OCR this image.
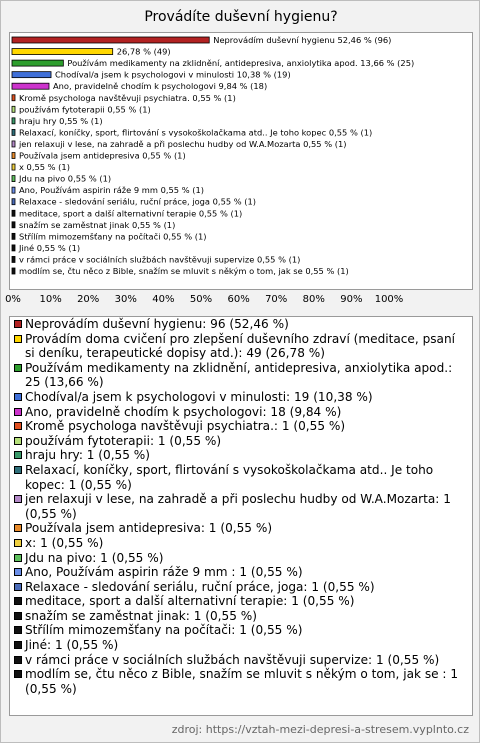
Provádíte duševní hygienu?
Neprovádím duševní hygienu 52,46 % (96)
26,78 % (49)
Používám medikamenty na zklidnění, antidepresiva, anxiolytika apod. 13,66 % (25)
Chodíval/a jsem k psychologovi v minulosti 10,38 % (19)
Ano, pravidelně chodím k psychologovi 9,84 % (18)
Kromě psychologa navštěvuji psychiatra. 0,55 % (1)
používám fytoterapii 0,55 % (1)
hraju hry 0,55 % (1)
Relaxací, koníčky, sport, flirtování s vysokoškolačkama atd.. Je toho kopec 0,55 % (1)
jen relaxuji v lese, na zahradě a při poslechu hudby od W.A.Mozarta 0,55 % (1)
Používala jsem antidepresiva 0,55 % (1)
x 0,55 % (1)
Jdu na pivo 0,55 % (1)
Ano, Používám aspirin ráže 9 mm 0,55 % (1)
Relaxace - sledování seriálu, ruční práce, joga 0,55 % (1)
meditace, sport a další alternativní terapie 0,55 % (1)
snažím se zaměstnat jinak 0,55 % (1)
Střílím mimozemšťany na počítači 0,55 % (1)
Jiné 0,55 % (1)
v rámci práce v sociálních službách navštěvuji supervize 0,55 % (1)
modlím se, čtu něco z Bible, snažím se mluvit s někým o tom, jak se 0,55 % (1)
0% 10% 20% 30% 40% 50% 60% 70% 80% 90% 100%
Neprovádím duševní hygienu: 96 (52,46 %)
Provádím doma cvičení pro zlepšení duševního zdraví (meditace, psaní si deníku, terapeutické dopisy atd.): 49 (26,78 %)
Používám medikamenty na zklidnění, antidepresiva, anxiolytika apod.: 25 (13,66 %)
Chodíval/a jsem k psychologovi v minulosti: 19 (10,38 %)
Ano, pravidelně chodím k psychologovi: 18 (9,84 %)
Kromě psychologa navštěvuji psychiatra.: 1 (0,55 %)
používám fytoterapii: 1 (0,55 %)
hraju hry: 1 (0,55 %)
Relaxací, koníčky, sport, flirtování s vysokoškolačkama atd.. Je toho kopec: 1 (0,55 %)
jen relaxuji v lese, na zahradě a při poslechu hudby od W.A.Mozarta: 1 (0,55 %)
Používala jsem antidepresiva: 1 (0,55 %)
x: 1 (0,55 %)
Jdu na pivo: 1 (0,55 %)
Ano, Používám aspirin ráže 9 mm : 1 (0,55 %)
Relaxace - sledování seriálu, ruční práce, joga: 1 (0,55 %)
meditace, sport a další alternativní terapie: 1 (0,55 %)
snažím se zaměstnat jinak: 1 (0,55 %)
Střílím mimozemšťany na počítači: 1 (0,55 %)
Jiné: 1 (0,55 %)
v rámci práce v sociálních službách navštěvuji supervize: 1 (0,55 %)
modlím se, čtu něco z Bible, snažím se mluvit s někým o tom, jak se : 1 (0,55 %)
zdroj: https://vztah-mezi-depresi-a-stresem.vyplnto.cz
